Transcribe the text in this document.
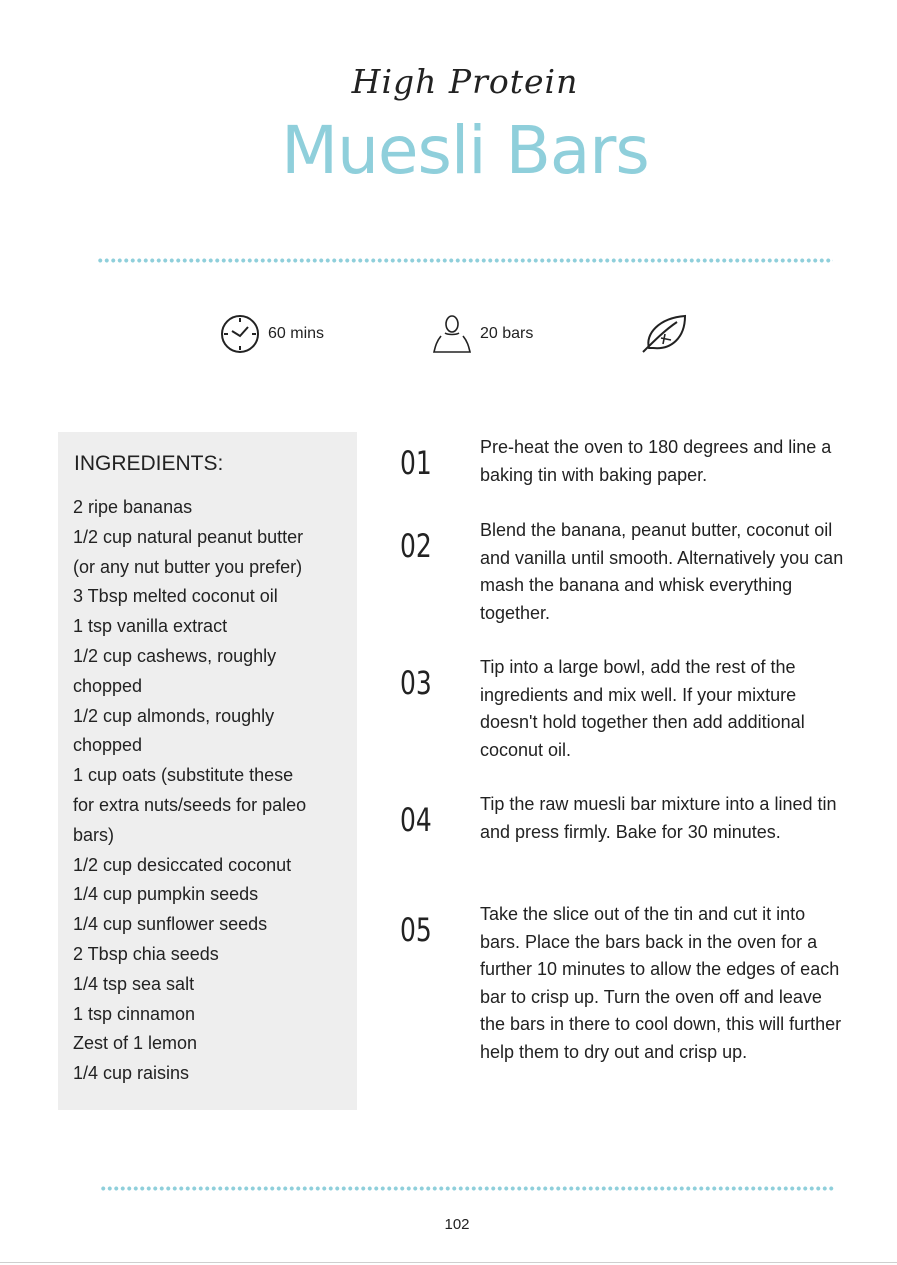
High Protein
Muesli Bars
60 mins	20 bars
INGREDIENTS:
2 ripe bananas
1/2 cup natural peanut butter
(or any nut butter you prefer)
3 Tbsp melted coconut oil
1 tsp vanilla extract
1/2 cup cashews, roughly
chopped
1/2 cup almonds, roughly
chopped
1 cup oats (substitute these
for extra nuts/seeds for paleo
bars)
1/2 cup desiccated coconut
1/4 cup pumpkin seeds
1/4 cup sunflower seeds
2 Tbsp chia seeds
1/4 tsp sea salt
1 tsp cinnamon
Zest of 1 lemon
1/4 cup raisins
01	Pre-heat the oven to 180 degrees and line a baking tin with baking paper.
02	Blend the banana, peanut butter, coconut oil and vanilla until smooth. Alternatively you can mash the banana and whisk everything together.
03	Tip into a large bowl, add the rest of the ingredients and mix well. If your mixture doesn't hold together then add additional coconut oil.
04	Tip the raw muesli bar mixture into a lined tin and press firmly. Bake for 30 minutes.
05	Take the slice out of the tin and cut it into bars. Place the bars back in the oven for a further 10 minutes to allow the edges of each bar to crisp up. Turn the oven off and leave the bars in there to cool down, this will further help them to dry out and crisp up.
102
